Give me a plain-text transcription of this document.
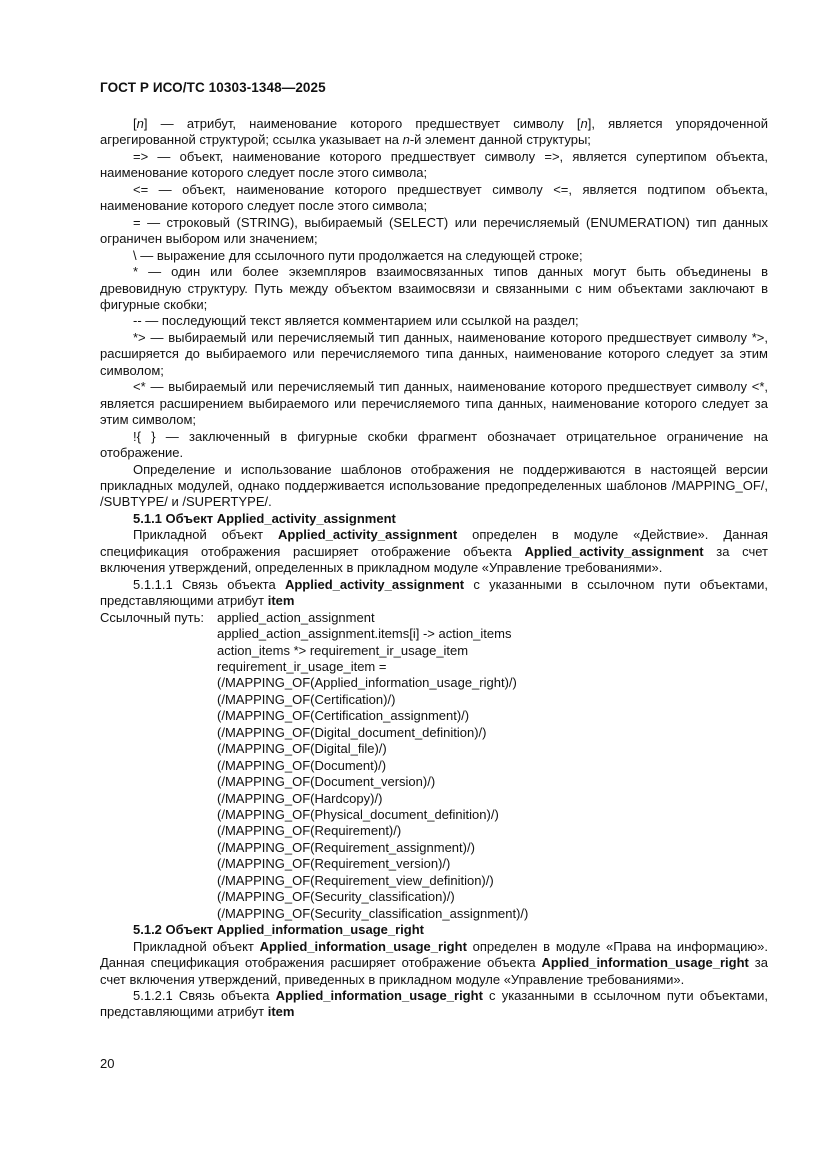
ГОСТ Р ИСО/ТС 10303-1348—2025

[n] — атрибут, наименование которого предшествует символу [n], является упорядоченной агрегированной структурой; ссылка указывает на n-й элемент данной структуры;

=> — объект, наименование которого предшествует символу =>, является супертипом объекта, наименование которого следует после этого символа;

<= — объект, наименование которого предшествует символу <=, является подтипом объекта, наименование которого следует после этого символа;

= — строковый (STRING), выбираемый (SELECT) или перечисляемый (ENUMERATION) тип данных ограничен выбором или значением;

\ — выражение для ссылочного пути продолжается на следующей строке;

* — один или более экземпляров взаимосвязанных типов данных могут быть объединены в древовидную структуру. Путь между объектом взаимосвязи и связанными с ним объектами заключают в фигурные скобки;

-- — последующий текст является комментарием или ссылкой на раздел;

*> — выбираемый или перечисляемый тип данных, наименование которого предшествует символу *>, расширяется до выбираемого или перечисляемого типа данных, наименование которого следует за этим символом;

<* — выбираемый или перечисляемый тип данных, наименование которого предшествует символу <*, является расширением выбираемого или перечисляемого типа данных, наименование которого следует за этим символом;

!{ } — заключенный в фигурные скобки фрагмент обозначает отрицательное ограничение на отображение.

Определение и использование шаблонов отображения не поддерживаются в настоящей версии прикладных модулей, однако поддерживается использование предопределенных шаблонов /MAPPING_OF/, /SUBTYPE/ и /SUPERTYPE/.

5.1.1 Объект Applied_activity_assignment

Прикладной объект Applied_activity_assignment определен в модуле «Действие». Данная спецификация отображения расширяет отображение объекта Applied_activity_assignment за счет включения утверждений, определенных в прикладном модуле «Управление требованиями».

5.1.1.1 Связь объекта Applied_activity_assignment с указанными в ссылочном пути объектами, представляющими атрибут item

Ссылочный путь: applied_action_assignment
applied_action_assignment.items[i] -> action_items
action_items *> requirement_ir_usage_item
requirement_ir_usage_item =
(/MAPPING_OF(Applied_information_usage_right)/)
(/MAPPING_OF(Certification)/)
(/MAPPING_OF(Certification_assignment)/)
(/MAPPING_OF(Digital_document_definition)/)
(/MAPPING_OF(Digital_file)/)
(/MAPPING_OF(Document)/)
(/MAPPING_OF(Document_version)/)
(/MAPPING_OF(Hardcopy)/)
(/MAPPING_OF(Physical_document_definition)/)
(/MAPPING_OF(Requirement)/)
(/MAPPING_OF(Requirement_assignment)/)
(/MAPPING_OF(Requirement_version)/)
(/MAPPING_OF(Requirement_view_definition)/)
(/MAPPING_OF(Security_classification)/)
(/MAPPING_OF(Security_classification_assignment)/)

5.1.2 Объект Applied_information_usage_right

Прикладной объект Applied_information_usage_right определен в модуле «Права на информацию». Данная спецификация отображения расширяет отображение объекта Applied_information_usage_right за счет включения утверждений, приведенных в прикладном модуле «Управление требованиями».

5.1.2.1 Связь объекта Applied_information_usage_right с указанными в ссылочном пути объектами, представляющими атрибут item

20
